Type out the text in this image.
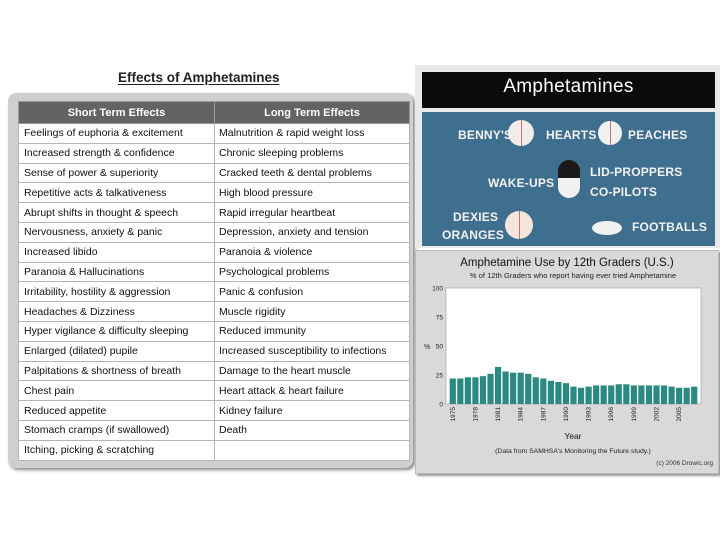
Effects of Amphetamines
Short Term Effects	Long Term Effects
Feelings of euphoria & excitement	Malnutrition & rapid weight loss
Increased strength & confidence	Chronic sleeping problems
Sense of power & superiority	Cracked teeth & dental problems
Repetitive acts & talkativeness	High blood pressure
Abrupt shifts in thought & speech	Rapid irregular heartbeat
Nervousness, anxiety & panic	Depression, anxiety and tension
Increased libido	Paranoia & violence
Paranoia & Hallucinations	Psychological problems
Irritability, hostility & aggression	Panic & confusion
Headaches & Dizziness	Muscle rigidity
Hyper vigilance & difficulty sleeping	Reduced immunity
Enlarged (dilated) pupile	Increased susceptibility to infections
Palpitations & shortness of breath	Damage to the heart muscle
Chest pain	Heart attack & heart failure
Reduced appetite	Kidney failure
Stomach cramps (if swallowed)	Death
Itching, picking & scratching	
Amphetamines
BENNY'S	HEARTS	PEACHES
WAKE-UPS
LID-PROPPERS
CO-PILOTS
DEXIES
ORANGES
FOOTBALLS
Amphetamine Use by 12th Graders (U.S.)
% of 12th Graders who report having ever tried Amphetamine
%
0
25
50
75
100
1975 1978 1981 1984 1987 1990 1993 1996 1999 2002 2005
Year
(Data from SAMHSA's Monitoring the Future study.)
(c) 2006 Drowic.org
